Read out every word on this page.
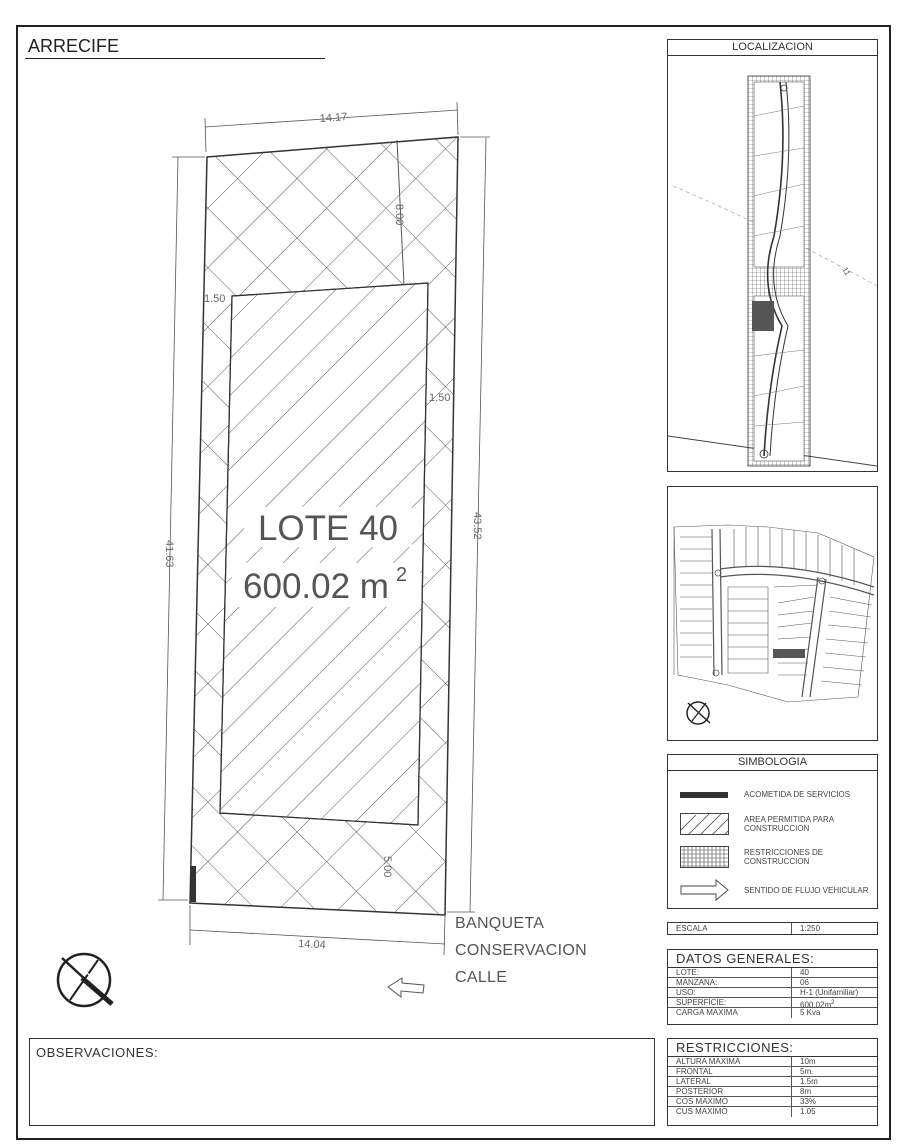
ARRECIFE
14.17
41.63
43.52
14.04
8.00
1.50
1.50
5.00
LOTE 40
600.02 m 2
BANQUETA
CONSERVACION
CALLE
LOCALIZACION
11
SIMBOLOGIA
ACOMETIDA DE SERVICIOS
AREA PERMITIDA PARA
CONSTRUCCION
RESTRICCIONES DE
CONSTRUCCION
SENTIDO DE FLUJO VEHICULAR
ESCALA	1:250
DATOS GENERALES:
LOTE:	40
MANZANA:	06
USO:	H-1 (Unifamiliar)
SUPERFICIE:	$600.02m^2$
CARGA MAXIMA	5 Kva
RESTRICCIONES:
ALTURA MAXIMA	10m
FRONTAL	5m.
LATERAL	1.5m
POSTERIOR	8m
COS MAXIMO	33%
CUS MAXIMO	1.05
OBSERVACIONES:
